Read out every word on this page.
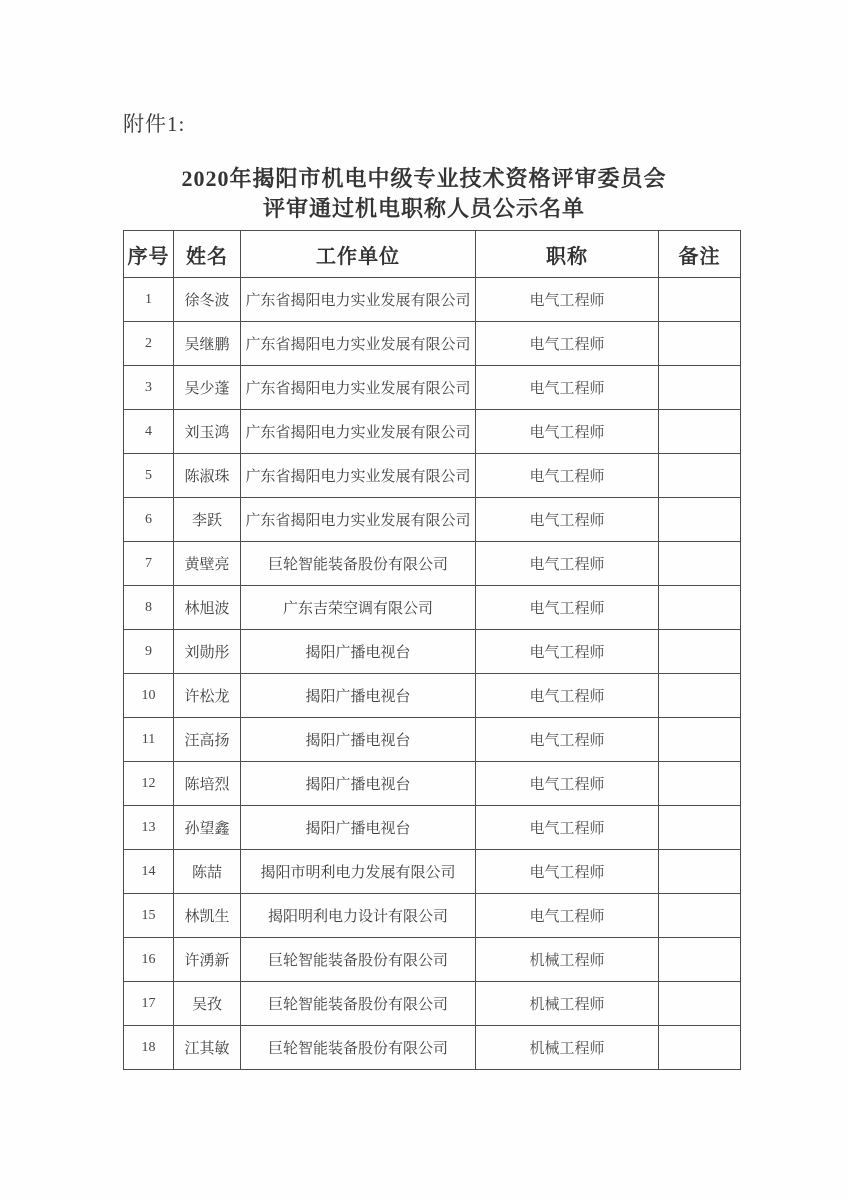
附件1:
2020年揭阳市机电中级专业技术资格评审委员会
评审通过机电职称人员公示名单
序号	姓名	工作单位	职称	备注
1	徐冬波	广东省揭阳电力实业发展有限公司	电气工程师	
2	吴继鹏	广东省揭阳电力实业发展有限公司	电气工程师	
3	吴少蓬	广东省揭阳电力实业发展有限公司	电气工程师	
4	刘玉鸿	广东省揭阳电力实业发展有限公司	电气工程师	
5	陈淑珠	广东省揭阳电力实业发展有限公司	电气工程师	
6	李跃	广东省揭阳电力实业发展有限公司	电气工程师	
7	黄壁亮	巨轮智能装备股份有限公司	电气工程师	
8	林旭波	广东吉荣空调有限公司	电气工程师	
9	刘勋彤	揭阳广播电视台	电气工程师	
10	许松龙	揭阳广播电视台	电气工程师	
11	汪高扬	揭阳广播电视台	电气工程师	
12	陈培烈	揭阳广播电视台	电气工程师	
13	孙望鑫	揭阳广播电视台	电气工程师	
14	陈喆	揭阳市明利电力发展有限公司	电气工程师	
15	林凯生	揭阳明利电力设计有限公司	电气工程师	
16	许湧新	巨轮智能装备股份有限公司	机械工程师	
17	吴孜	巨轮智能装备股份有限公司	机械工程师	
18	江其敏	巨轮智能装备股份有限公司	机械工程师	
